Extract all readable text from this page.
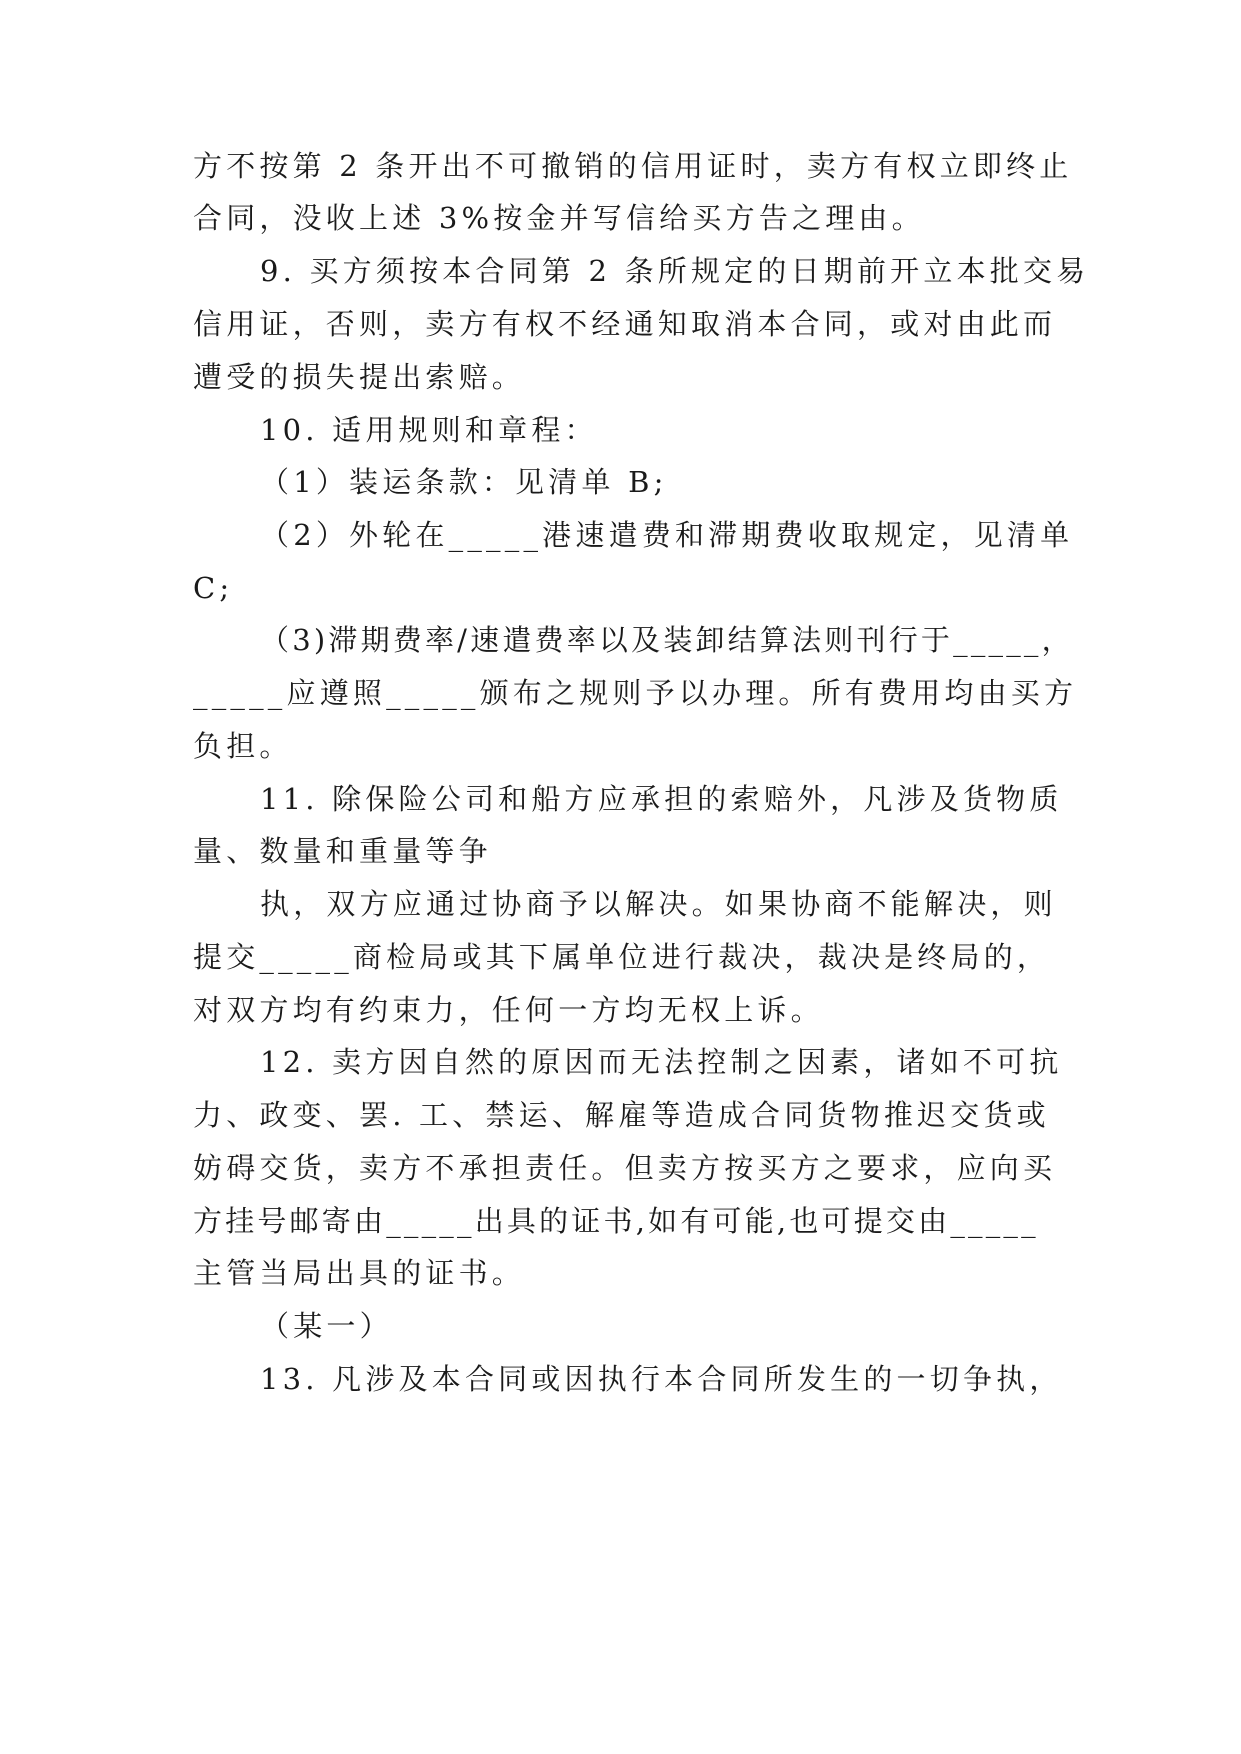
方不按第 2 条开出不可撤销的信用证时，卖方有权立即终止
合同，没收上述 3%按金并写信给买方告之理由。
9. 买方须按本合同第 2 条所规定的日期前开立本批交易
信用证，否则，卖方有权不经通知取消本合同，或对由此而
遭受的损失提出索赔。
10. 适用规则和章程：
（1）装运条款：见清单 B;
（2）外轮在_____港速遣费和滞期费收取规定，见清单
C;
（3)滞期费率/速遣费率以及装卸结算法则刊行于_____，
_____应遵照_____颁布之规则予以办理。所有费用均由买方
负担。
11. 除保险公司和船方应承担的索赔外，凡涉及货物质
量、数量和重量等争
执，双方应通过协商予以解决。如果协商不能解决，则
提交_____商检局或其下属单位进行裁决，裁决是终局的，
对双方均有约束力，任何一方均无权上诉。
12. 卖方因自然的原因而无法控制之因素，诸如不可抗
力、政变、罢. 工、禁运、解雇等造成合同货物推迟交货或
妨碍交货，卖方不承担责任。但卖方按买方之要求，应向买
方挂号邮寄由_____出具的证书,如有可能,也可提交由_____
主管当局出具的证书。
（某一）
13. 凡涉及本合同或因执行本合同所发生的一切争执，
